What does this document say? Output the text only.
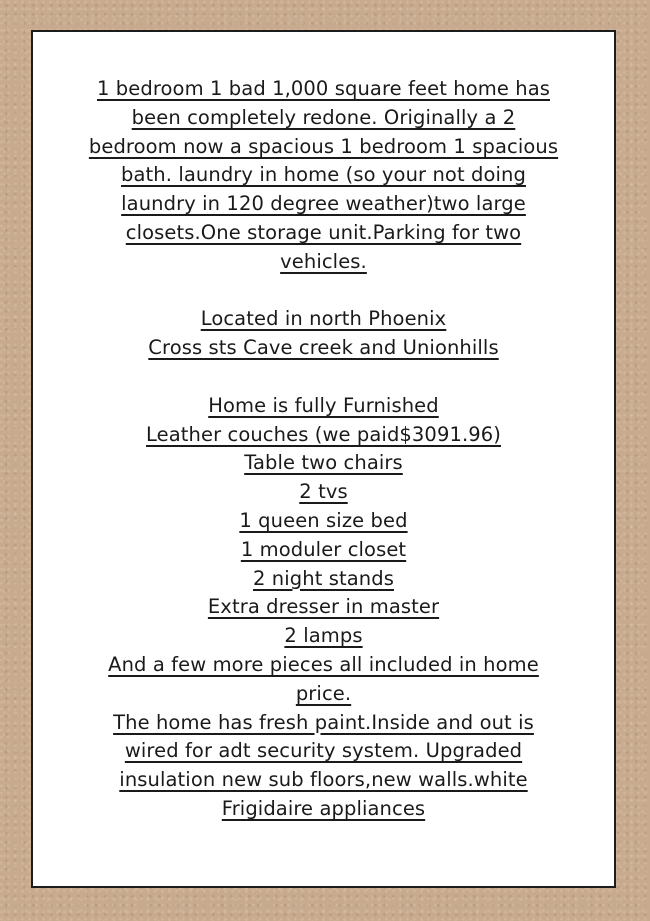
1 bedroom 1 bad 1,000 square feet home has
been completely redone. Originally a 2
bedroom now a spacious 1 bedroom 1 spacious
bath. laundry in home (so your not doing
laundry in 120 degree weather)two large
closets.One storage unit.Parking for two
vehicles.
Located in north Phoenix
Cross sts Cave creek and Unionhills
Home is fully Furnished
Leather couches (we paid$3091.96)
Table two chairs
2 tvs
1 queen size bed
1 moduler closet
2 night stands
Extra dresser in master
2 lamps
And a few more pieces all included in home
price.
The home has fresh paint.Inside and out is
wired for adt security system. Upgraded
insulation new sub floors,new walls.white
Frigidaire appliances
